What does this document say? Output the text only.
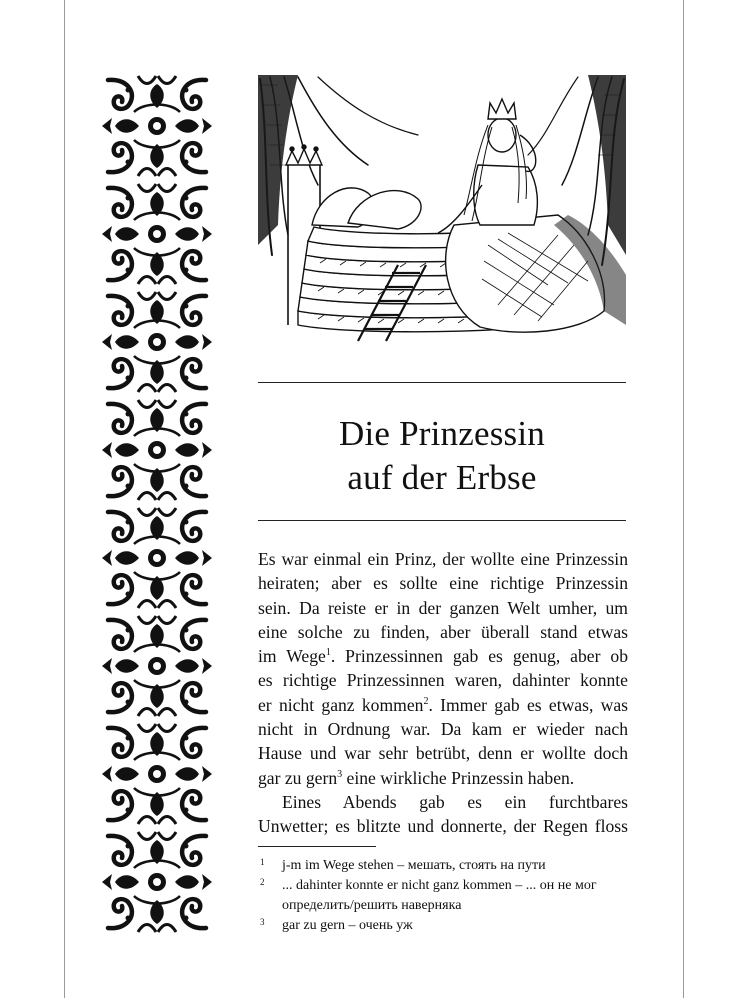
Die Prinzessin
auf der Erbse
Es war einmal ein Prinz, der wollte eine Prinzessin
heiraten; aber es sollte eine richtige Prinzessin
sein. Da reiste er in der ganzen Welt umher, um
eine solche zu finden, aber überall stand etwas
im Wege$^1$. Prinzessinnen gab es genug, aber ob
es richtige Prinzessinnen waren, dahinter konnte
er nicht ganz kommen$^2$. Immer gab es etwas, was
nicht in Ordnung war. Da kam er wieder nach
Hause und war sehr betrübt, denn er wollte doch
gar zu gern$^3$ eine wirkliche Prinzessin haben.
Eines Abends gab es ein furchtbares
Unwetter; es blitzte und donnerte, der Regen floss
1 j-m im Wege stehen – мешать, стоять на пути
2 ... dahinter konnte er nicht ganz kommen – ... он не мог определить/решить наверняка
3 gar zu gern – очень уж
